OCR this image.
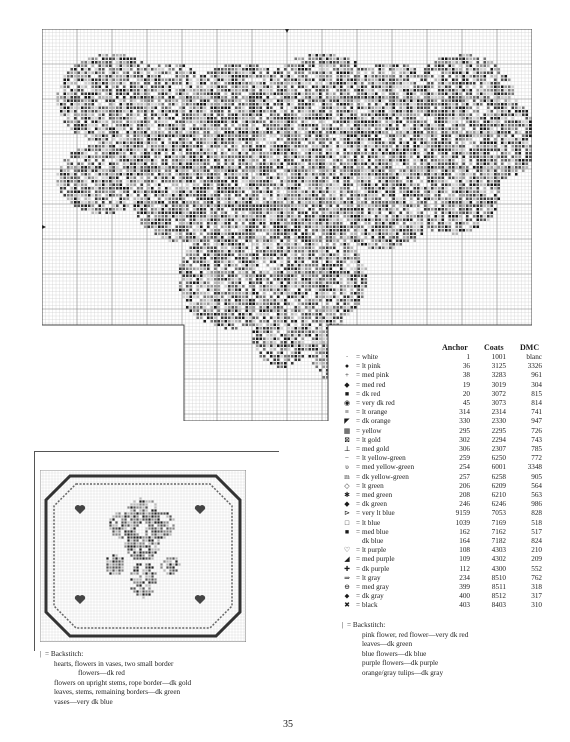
| = Backstitch:
hearts, flowers in vases, two small border
flowers—dk red
flowers on upright stems, rope border—dk gold
leaves, stems, remaining borders—dk green
vases—very dk blue
Anchor Coats DMC
·	= white	1	1001	blanc
● = lt pink	36	3125	3326
+ = med pink	38	3283	961
◆ = med red	19	3019	304
■ = dk red	20	3072	815
◉ = very dk red	45	3073	814
≡ = lt orange	314	2314	741
◤ = dk orange	330	2330	947
▦ = yellow	295	2295	726
⊠ = lt gold	302	2294	743
⊥ = med gold	306	2307	785
− = lt yellow-green	259	6250	772
υ	= med yellow-green	254	6001	3348
m = dk yellow-green	257	6258	905
◇ = lt green	206	6209	564
✱ = med green	208	6210	563
◆ = dk green	246	6246	986
⊳ = very lt blue	9159	7053	828
□ = lt blue	1039	7169	518
■ = med blue	162	7162	517
dk blue	164	7182	824
♡ = lt purple	108	4303	210
◢ = med purple	109	4302	209
✚ = dk purple	112	4300	552
⇒ = lt gray	234	8510	762
⊖ = med gray	399	8511	318
⬥ = dk gray	400	8512	317
✖ = black	403	8403	310
| = Backstitch:
pink flower, red flower—very dk red
leaves—dk green
blue flowers—dk blue
purple flowers—dk purple
orange/gray tulips—dk gray
35
